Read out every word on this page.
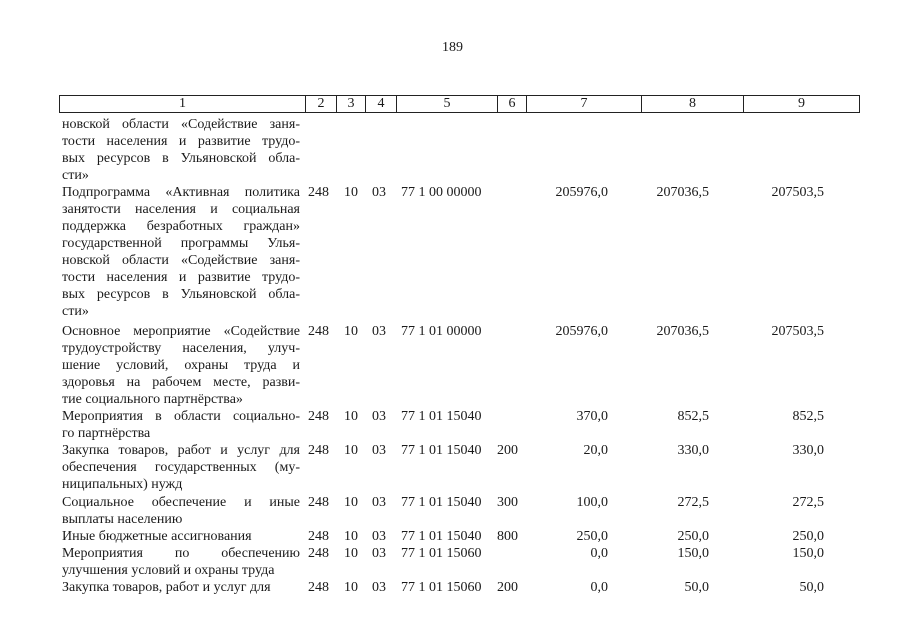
189
1	2	3	4	5	6	7	8	9
новской области «Содействие заня-
тости населения и развитие трудо-
вых ресурсов в Ульяновской обла-
сти»
Подпрограмма «Активная политика
занятости населения и социальная
поддержка безработных граждан»
государственной программы Улья-
новской области «Содействие заня-
тости населения и развитие трудо-
вых ресурсов в Ульяновской обла-
сти»
248 10 03 77 1 00 00000	205976,0	207036,5	207503,5
Основное мероприятие «Содействие
трудоустройству населения, улуч-
шение условий, охраны труда и
здоровья на рабочем месте, разви-
тие социального партнёрства»
248 10 03 77 1 01 00000	205976,0	207036,5	207503,5
Мероприятия в области социально-
го партнёрства
248 10 03 77 1 01 15040	370,0	852,5	852,5
Закупка товаров, работ и услуг для
обеспечения государственных (му-
ниципальных) нужд
248 10 03 77 1 01 15040 200	20,0	330,0	330,0
Социальное обеспечение и иные
выплаты населению
248 10 03 77 1 01 15040 300	100,0	272,5	272,5
Иные бюджетные ассигнования	248 10 03 77 1 01 15040 800	250,0	250,0	250,0
Мероприятия по обеспечению
улучшения условий и охраны труда
248 10 03 77 1 01 15060	0,0	150,0	150,0
Закупка товаров, работ и услуг для	248 10 03 77 1 01 15060 200	0,0	50,0	50,0
